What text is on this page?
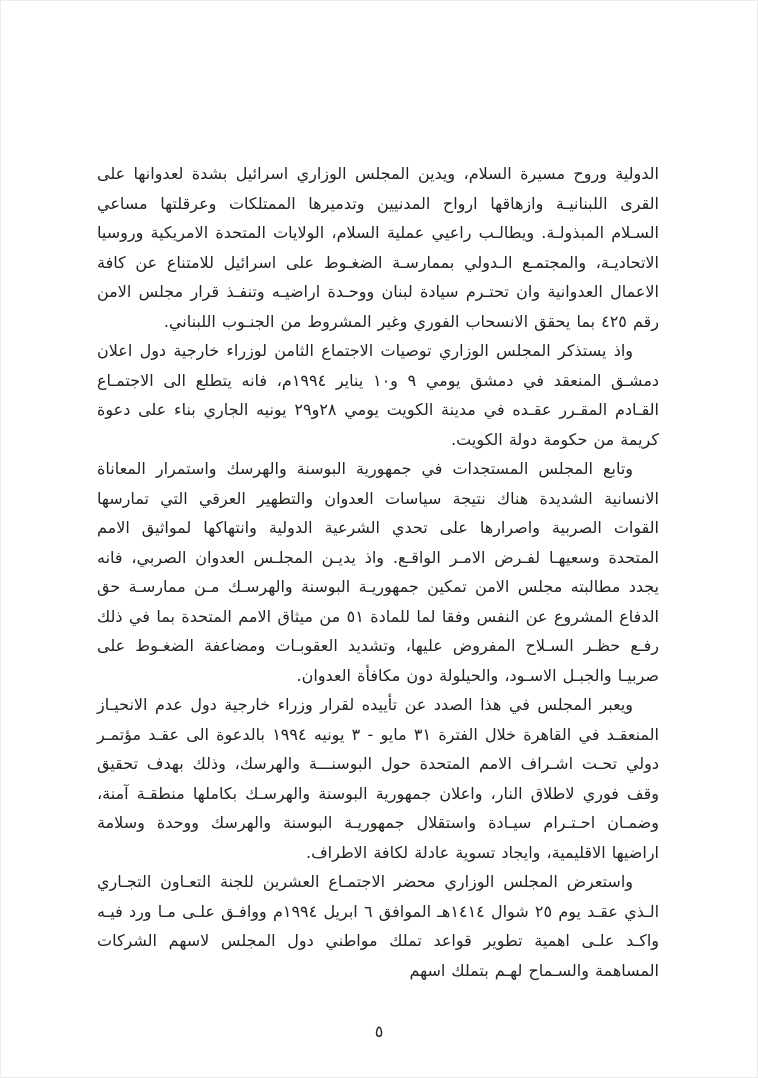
الدولية وروح مسيرة السلام، ويدين المجلس الوزاري اسرائيل بشدة لعدوانها على القرى اللبنانيـة وازهاقها ارواح المدنيين وتدميرها الممتلكات وعرقلتها مساعي السـلام المبذولـة. ويطالـب راعيي عملية السلام، الولايات المتحدة الامريكية وروسيا الاتحاديـة، والمجتمـع الـدولي بممارسـة الضغـوط على اسرائيل للامتناع عن كافة الاعمال العدوانية وان تحتـرم سيادة لبنان ووحـدة اراضيـه وتنفـذ قرار مجلس الامن رقم ٤٢٥ بما يحقق الانسحاب الفوري وغير المشروط من الجنـوب اللبناني.

واذ يستذكر المجلس الوزاري توصيات الاجتماع الثامن لوزراء خارجية دول اعلان دمشـق المنعقد في دمشق يومي ٩ و١٠ يناير ١٩٩٤م، فانه يتطلع الى الاجتمـاع القـادم المقـرر عقـده في مدينة الكويت يومي ٢٨و٢٩ يونيه الجاري بناء على دعوة كريمة من حكومة دولة الكويت.

وتابع المجلس المستجدات في جمهورية البوسنة والهرسك واستمرار المعاناة الانسانية الشديدة هناك نتيجة سياسات العدوان والتطهير العرقي التي تمارسها القوات الصربية واصرارها على تحدي الشرعية الدولية وانتهاكها لمواثيق الامم المتحدة وسعيهـا لفـرض الامـر الواقـع. واذ يديـن المجلـس العدوان الصربي، فانه يجدد مطالبته مجلس الامن تمكين جمهوريـة البوسنة والهرسـك مـن ممارسـة حق الدفاع المشروع عن النفس وفقا لما للمادة ٥١ من ميثاق الامم المتحدة بما في ذلك رفـع حظـر السـلاح المفروض عليها، وتشديد العقوبـات ومضاعفة الضغـوط على صربيـا والجبـل الاسـود، والحيلولة دون مكافأة العدوان.

ويعبر المجلس في هذا الصدد عن تأييده لقرار وزراء خارجية دول عدم الانحيـاز المنعقـد في القاهرة خلال الفترة ٣١ مايو - ٣ يونيه ١٩٩٤ بالدعوة الى عقـد مؤتمـر دولي تحـت اشـراف الامم المتحدة حول البوسنـــة والهرسك، وذلك بهدف تحقيق وقف فوري لاطلاق النار، واعلان جمهورية البوسنة والهرسـك بكاملها منطقـة آمنة، وضمـان احـتـرام سيـادة واستقلال جمهوريـة البوسنة والهرسك ووحدة وسلامة اراضيها الاقليمية، وايجاد تسوية عادلة لكافة الاطراف.

واستعرض المجلس الوزاري محضر الاجتمـاع العشرين للجنة التعـاون التجـاري الـذي عقـد يوم ٢٥ شوال ١٤١٤هـ الموافق ٦ ابريل ١٩٩٤م ووافـق علـى مـا ورد فيـه واكـد علـى اهمية تطوير قواعد تملك مواطني دول المجلس لاسهم الشركات المساهمة والسـماح لهـم بتملك اسهم

٥
